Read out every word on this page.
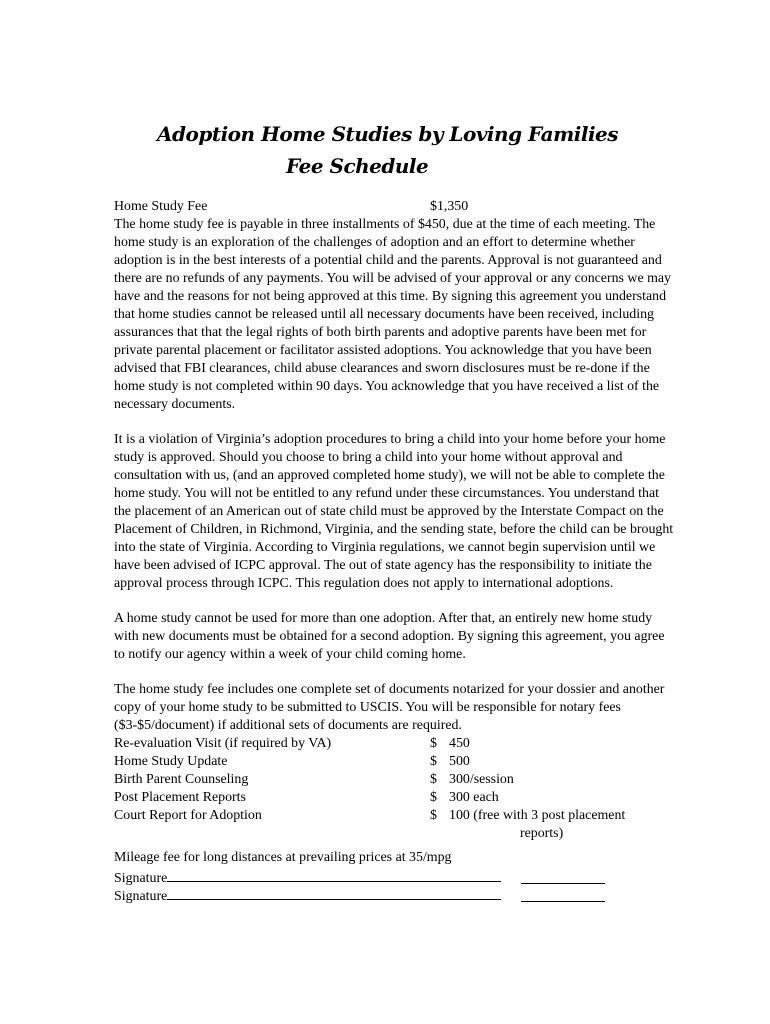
Adoption Home Studies by Loving Families
Fee Schedule
Home Study Fee	$1,350

The home study fee is payable in three installments of $450, due at the time of each meeting. The home study is an exploration of the challenges of adoption and an effort to determine whether adoption is in the best interests of a potential child and the parents. Approval is not guaranteed and there are no refunds of any payments. You will be advised of your approval or any concerns we may have and the reasons for not being approved at this time. By signing this agreement you understand that home studies cannot be released until all necessary documents have been received, including assurances that that the legal rights of both birth parents and adoptive parents have been met for private parental placement or facilitator assisted adoptions. You acknowledge that you have been advised that FBI clearances, child abuse clearances and sworn disclosures must be re-done if the home study is not completed within 90 days. You acknowledge that you have received a list of the necessary documents.

It is a violation of Virginia’s adoption procedures to bring a child into your home before your home study is approved. Should you choose to bring a child into your home without approval and consultation with us, (and an approved completed home study), we will not be able to complete the home study. You will not be entitled to any refund under these circumstances. You understand that the placement of an American out of state child must be approved by the Interstate Compact on the Placement of Children, in Richmond, Virginia, and the sending state, before the child can be brought into the state of Virginia. According to Virginia regulations, we cannot begin supervision until we have been advised of ICPC approval. The out of state agency has the responsibility to initiate the approval process through ICPC. This regulation does not apply to international adoptions.

A home study cannot be used for more than one adoption. After that, an entirely new home study with new documents must be obtained for a second adoption. By signing this agreement, you agree to notify our agency within a week of your child coming home.

The home study fee includes one complete set of documents notarized for your dossier and another copy of your home study to be submitted to USCIS. You will be responsible for notary fees ($3-$5/document) if additional sets of documents are required.

Re-evaluation Visit (if required by VA)	$ 450
Home Study Update	$ 500
Birth Parent Counseling	$ 300/session
Post Placement Reports	$ 300 each
Court Report for Adoption	$ 100 (free with 3 post placement
reports)
Mileage fee for long distances at prevailing prices at 35/mpg
Signature
Signature
